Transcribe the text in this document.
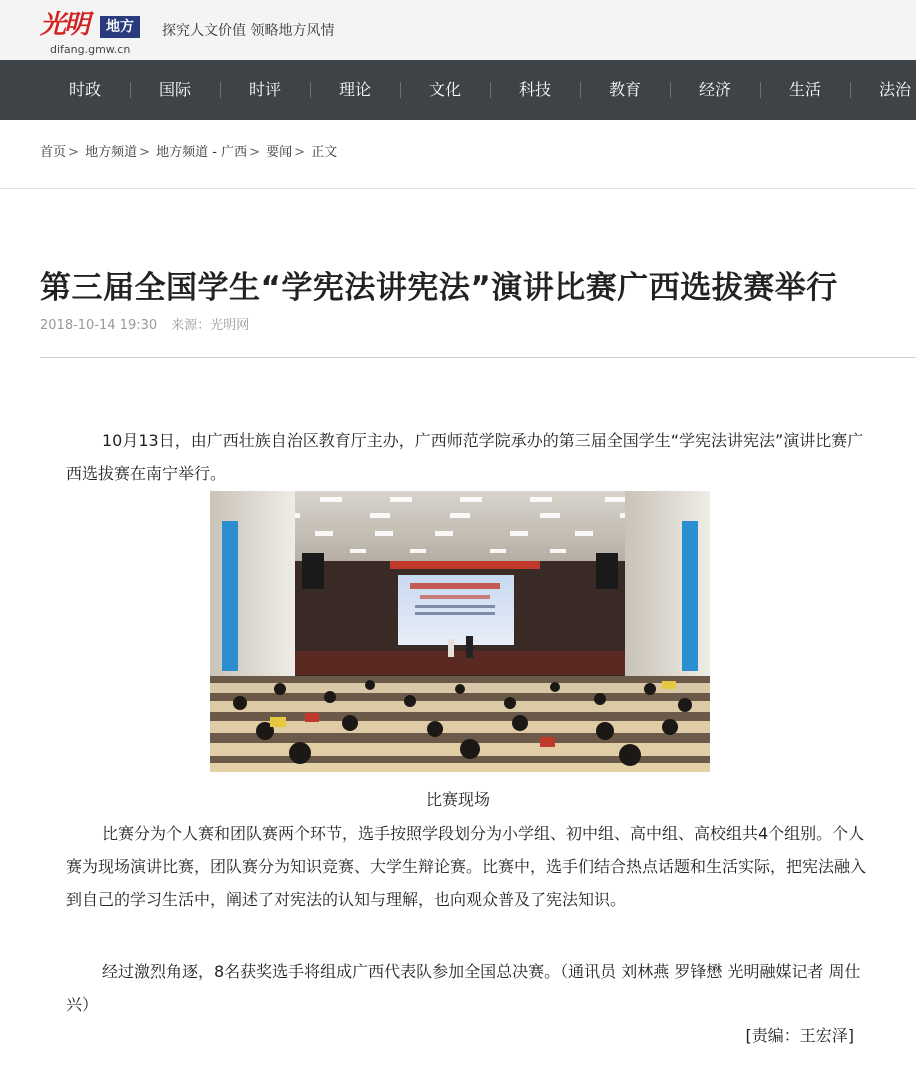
光明	地方
difang.gmw.cn
探究人文价值 领略地方风情
时政	国际	时评	理论	文化	科技	教育	经济	生活	法治
首页 > 地方频道 > 地方频道 - 广西 > 要闻 > 正文
第三届全国学生“学宪法讲宪法”演讲比赛广西选拔赛举行
2018-10-14 19:30 来源：光明网

10月13日，由广西壮族自治区教育厅主办，广西师范学院承办的第三届全国学生“学宪法讲宪法”演讲比赛广西选拔赛在南宁举行。

比赛现场

比赛分为个人赛和团队赛两个环节，选手按照学段划分为小学组、初中组、高中组、高校组共4个组别。个人赛为现场演讲比赛，团队赛分为知识竞赛、大学生辩论赛。比赛中，选手们结合热点话题和生活实际，把宪法融入到自己的学习生活中，阐述了对宪法的认知与理解，也向观众普及了宪法知识。

经过激烈角逐，8名获奖选手将组成广西代表队参加全国总决赛。（通讯员 刘林燕 罗锋懋 光明融媒记者 周仕兴）

[责编：王宏泽]
